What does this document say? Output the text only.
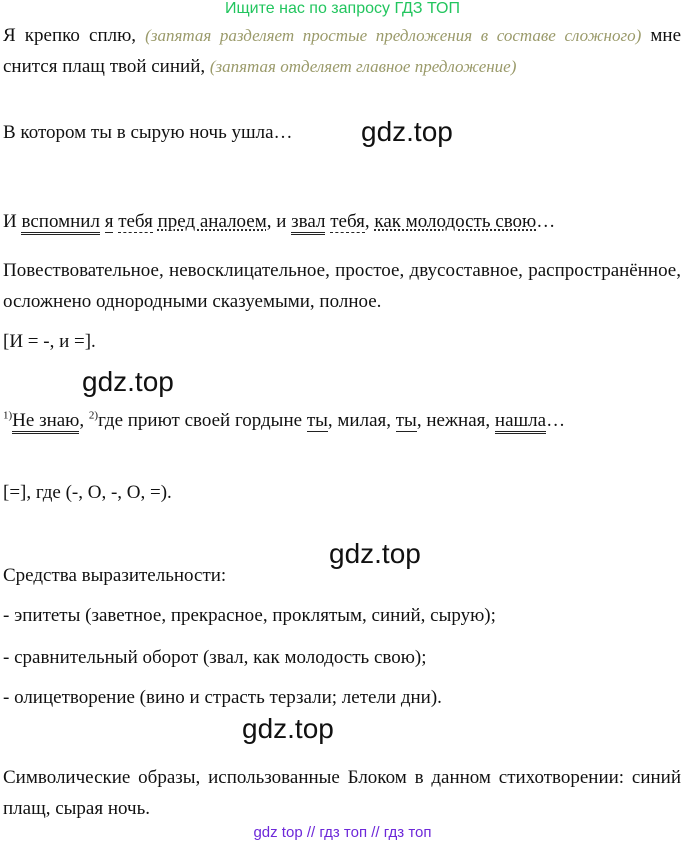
Ищите нас по запросу ГДЗ ТОП
Я крепко сплю, (запятая разделяет простые предложения в составе сложного) мне снится плащ твой синий, (запятая отделяет главное предложение)
В котором ты в сырую ночь ушла…	gdz.top
И вспомнил я тебя пред аналоем, и звал тебя, как молодость свою…
Повествовательное, невосклицательное, простое, двусоставное, распространённое, осложнено однородными сказуемыми, полное.
[И = -, и =].
gdz.top
$^{1)}$Не знаю, $^{2)}$где приют своей гордыне ты, милая, ты, нежная, нашла…
[=], где (-, О, -, О, =).
gdz.top
Средства выразительности:
- эпитеты (заветное, прекрасное, проклятым, синий, сырую);
- сравнительный оборот (звал, как молодость свою);
- олицетворение (вино и страсть терзали; летели дни).
gdz.top
Символические образы, использованные Блоком в данном стихотворении: синий плащ, сырая ночь.
gdz top // гдз топ // гдз топ
